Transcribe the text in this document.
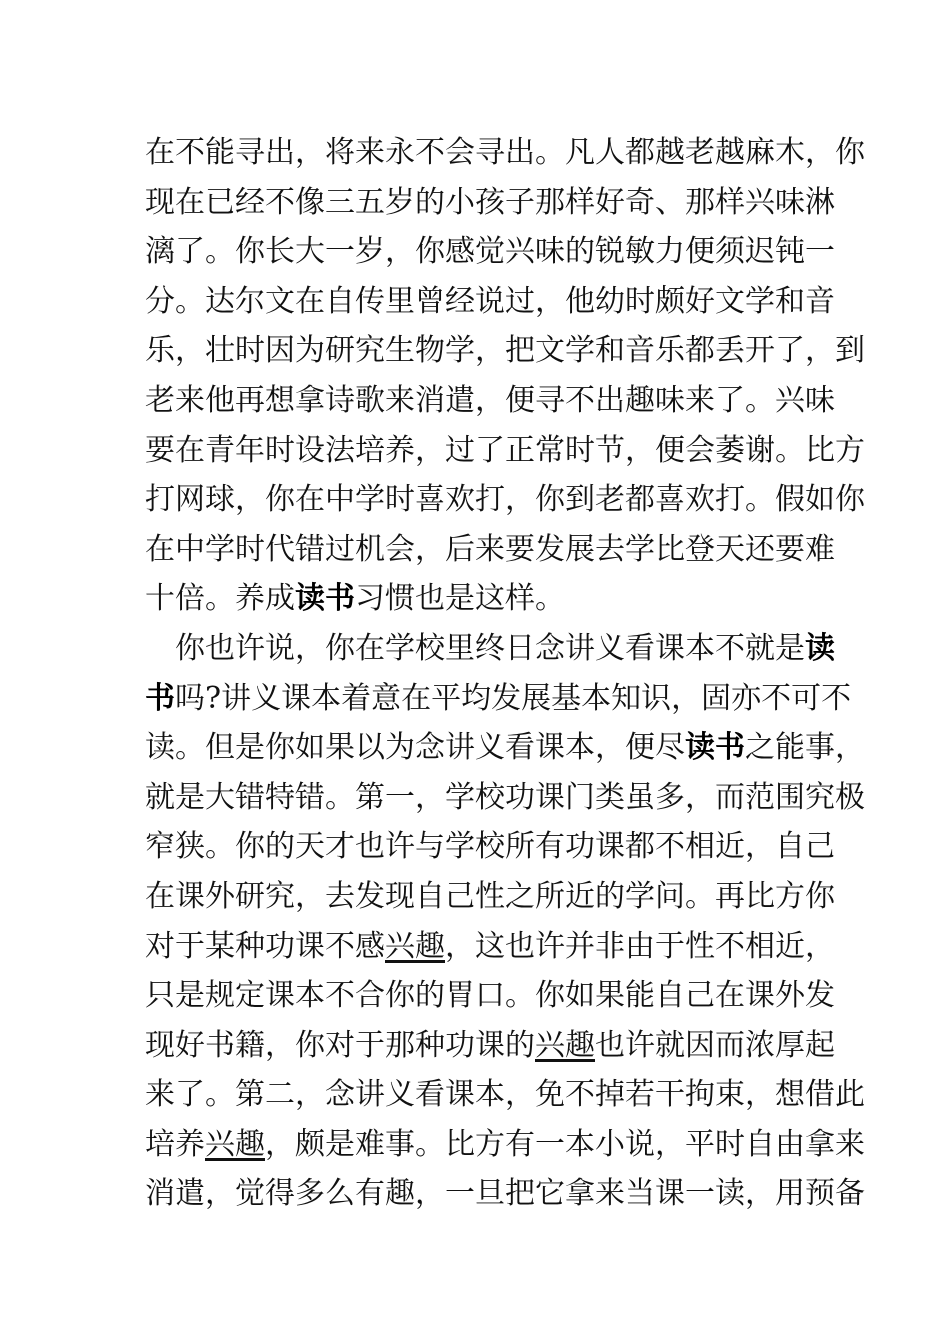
在不能寻出，将来永不会寻出。凡人都越老越麻木，你
现在已经不像三五岁的小孩子那样好奇、那样兴味淋
漓了。你长大一岁，你感觉兴味的锐敏力便须迟钝一
分。达尔文在自传里曾经说过，他幼时颇好文学和音
乐，壮时因为研究生物学，把文学和音乐都丢开了，到
老来他再想拿诗歌来消遣，便寻不出趣味来了。兴味
要在青年时设法培养，过了正常时节，便会萎谢。比方
打网球，你在中学时喜欢打，你到老都喜欢打。假如你
在中学时代错过机会，后来要发展去学比登天还要难
十倍。养成读书习惯也是这样。
　你也许说，你在学校里终日念讲义看课本不就是读
书吗?讲义课本着意在平均发展基本知识，固亦不可不
读。但是你如果以为念讲义看课本，便尽读书之能事，
就是大错特错。第一，学校功课门类虽多，而范围究极
窄狭。你的天才也许与学校所有功课都不相近，自己
在课外研究，去发现自己性之所近的学问。再比方你
对于某种功课不感兴趣，这也许并非由于性不相近，
只是规定课本不合你的胃口。你如果能自己在课外发
现好书籍，你对于那种功课的兴趣也许就因而浓厚起
来了。第二，念讲义看课本，免不掉若干拘束，想借此
培养兴趣，颇是难事。比方有一本小说，平时自由拿来
消遣，觉得多么有趣，一旦把它拿来当课一读，用预备
